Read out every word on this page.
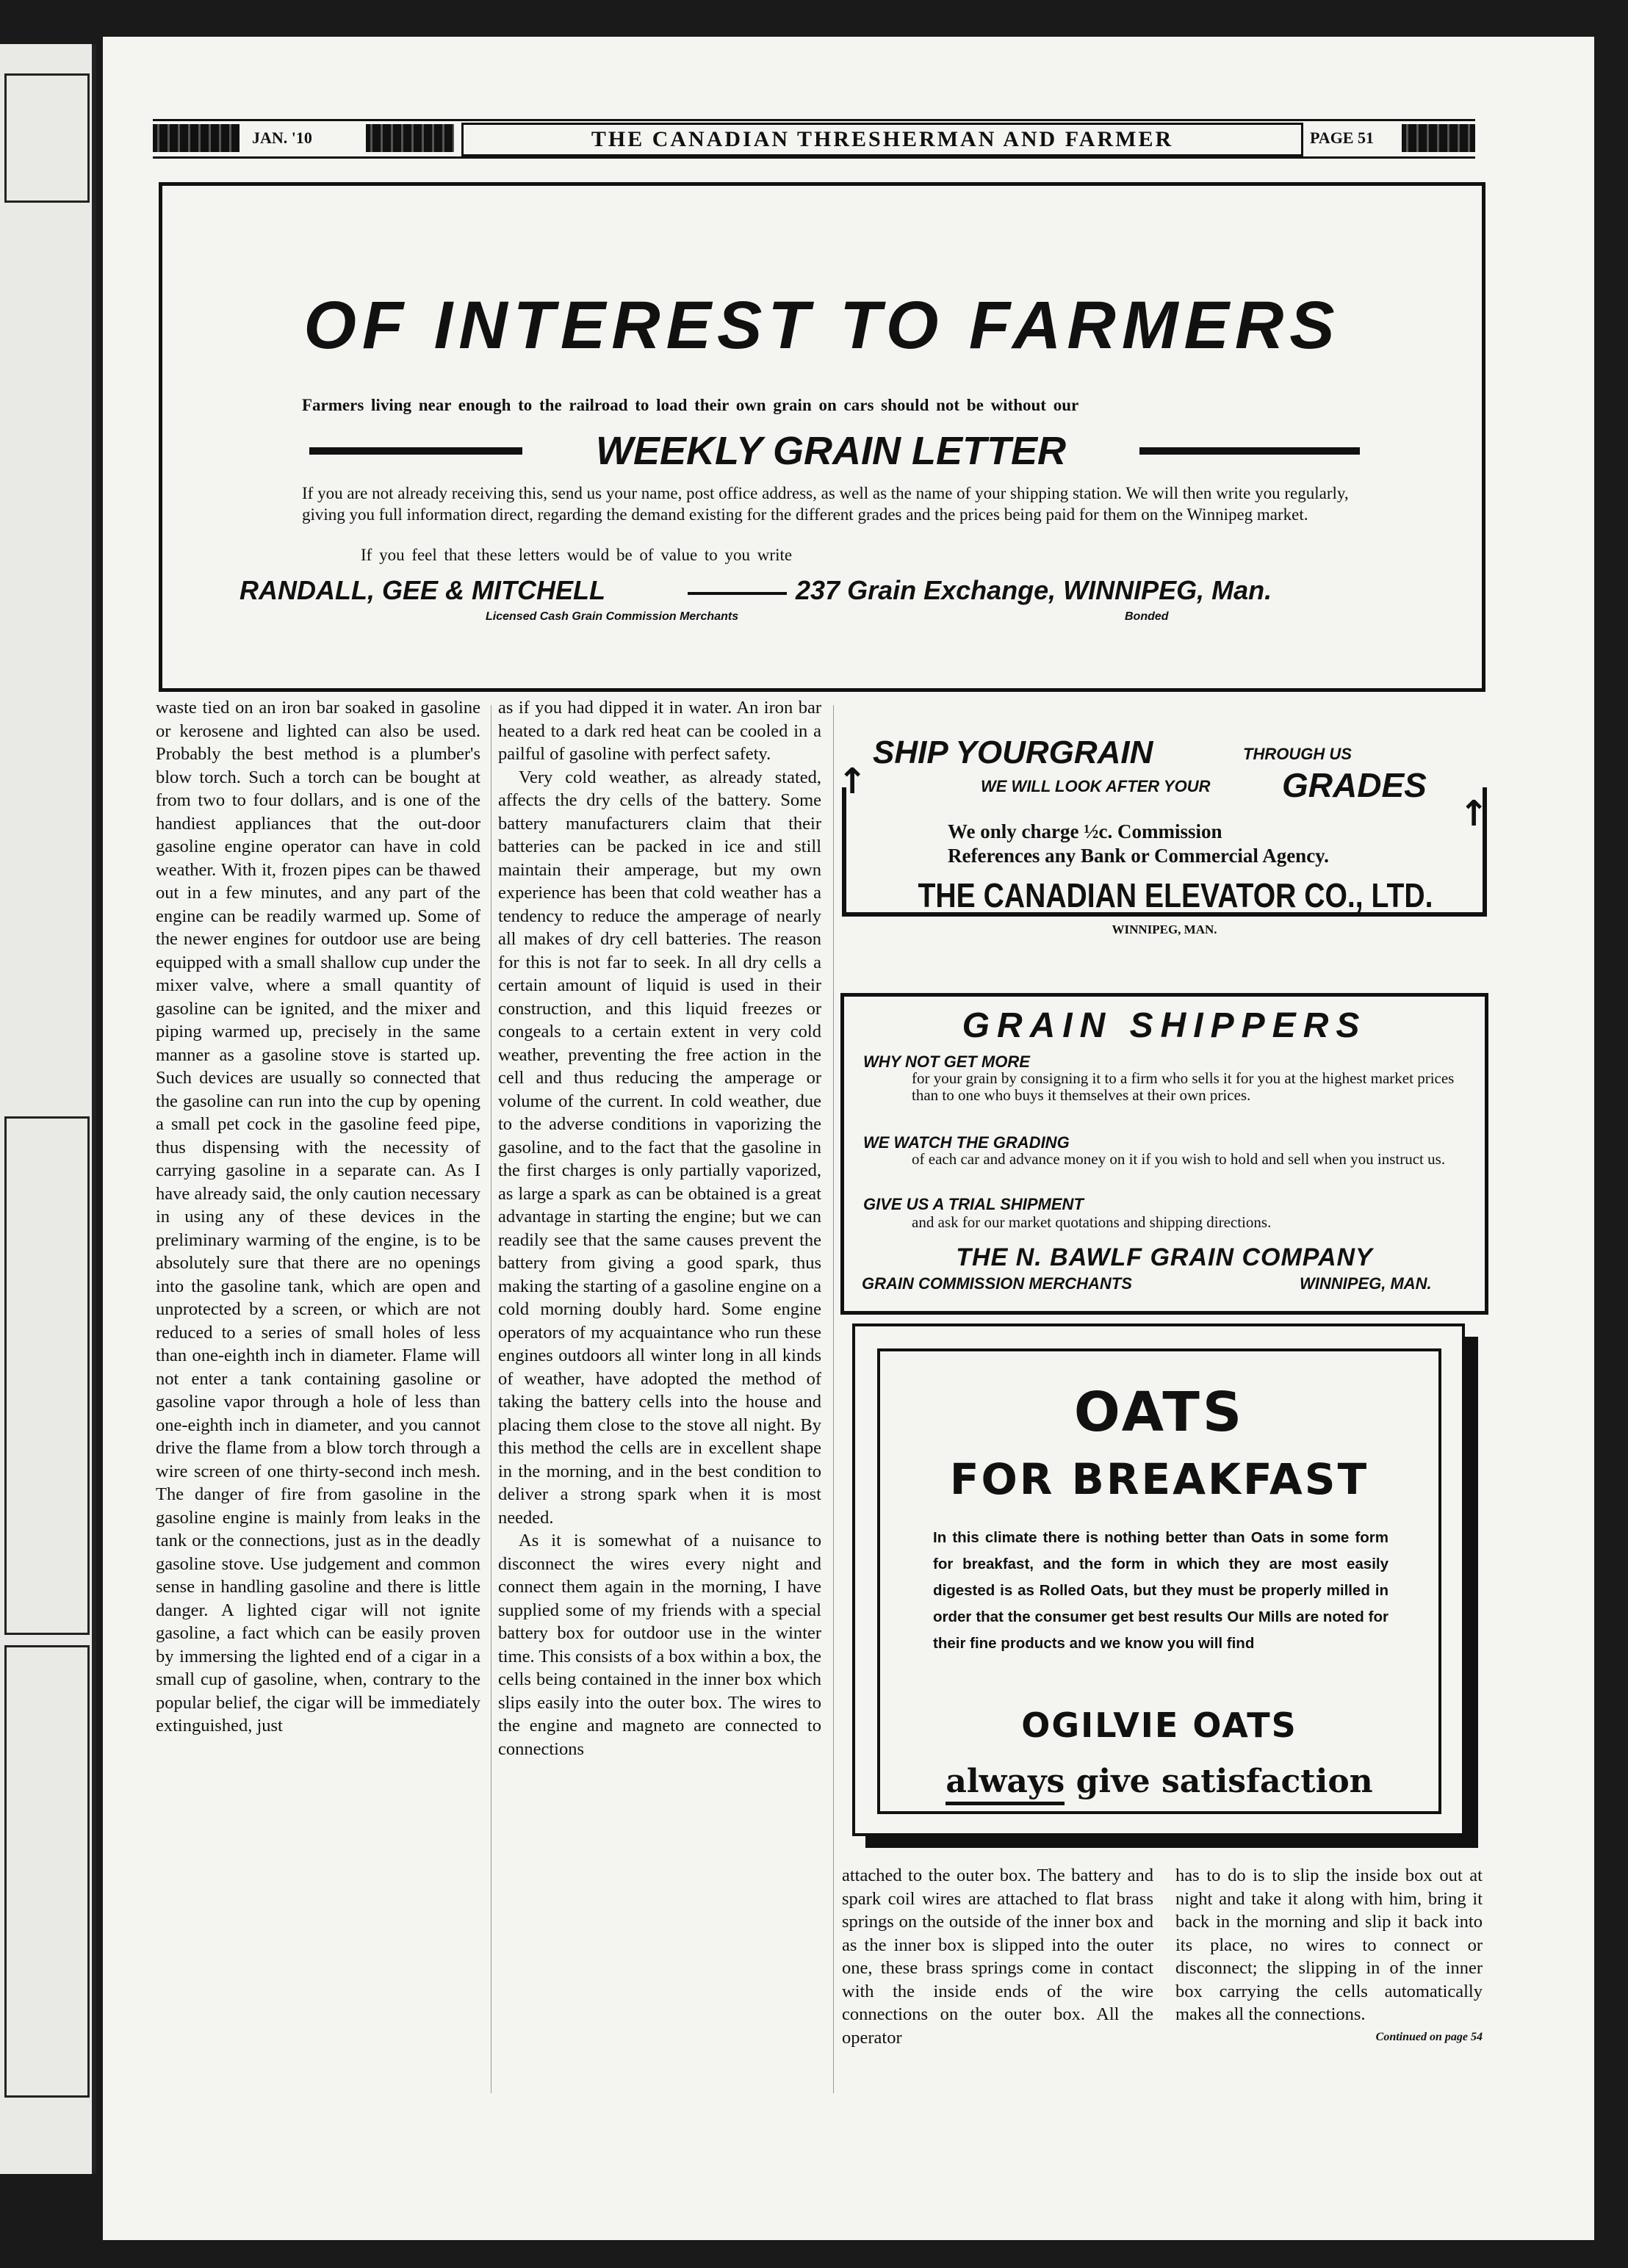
JAN. '10	THE CANADIAN THRESHERMAN AND FARMER	PAGE 51
OF INTEREST TO FARMERS
Farmers living near enough to the railroad to load their own grain on cars should not be without our
WEEKLY GRAIN LETTER
If you are not already receiving this, send us your name, post office address, as well as the name of your shipping station. We will then write you regularly, giving you full information direct, regarding the demand existing for the different grades and the prices being paid for them on the Winnipeg market.
If you feel that these letters would be of value to you write
RANDALL, GEE & MITCHELL	237 Grain Exchange, WINNIPEG, Man.
Licensed Cash Grain Commission Merchants	Bonded

waste tied on an iron bar soaked in gasoline or kerosene and lighted can also be used. Probably the best method is a plumber's blow torch. Such a torch can be bought at from two to four dollars, and is one of the handiest appliances that the out-door gasoline engine operator can have in cold weather. With it, frozen pipes can be thawed out in a few minutes, and any part of the engine can be readily warmed up. Some of the newer engines for outdoor use are being equipped with a small shallow cup under the mixer valve, where a small quantity of gasoline can be ignited, and the mixer and piping warmed up, precisely in the same manner as a gasoline stove is started up. Such devices are usually so connected that the gasoline can run into the cup by opening a small pet cock in the gasoline feed pipe, thus dispensing with the necessity of carrying gasoline in a separate can. As I have already said, the only caution necessary in using any of these devices in the preliminary warming of the engine, is to be absolutely sure that there are no openings into the gasoline tank, which are open and unprotected by a screen, or which are not reduced to a series of small holes of less than one-eighth inch in diameter. Flame will not enter a tank containing gasoline or gasoline vapor through a hole of less than one-eighth inch in diameter, and you cannot drive the flame from a blow torch through a wire screen of one thirty-second inch mesh. The danger of fire from gasoline in the gasoline engine is mainly from leaks in the tank or the connections, just as in the deadly gasoline stove. Use judgement and common sense in handling gasoline and there is little danger. A lighted cigar will not ignite gasoline, a fact which can be easily proven by immersing the lighted end of a cigar in a small cup of gasoline, when, contrary to the popular belief, the cigar will be immediately extinguished, just

as if you had dipped it in water. An iron bar heated to a dark red heat can be cooled in a pailful of gasoline with perfect safety.

Very cold weather, as already stated, affects the dry cells of the battery. Some battery manufacturers claim that their batteries can be packed in ice and still maintain their amperage, but my own experience has been that cold weather has a tendency to reduce the amperage of nearly all makes of dry cell batteries. The reason for this is not far to seek. In all dry cells a certain amount of liquid is used in their construction, and this liquid freezes or congeals to a certain extent in very cold weather, preventing the free action in the cell and thus reducing the amperage or volume of the current. In cold weather, due to the adverse conditions in vaporizing the gasoline, and to the fact that the gasoline in the first charges is only partially vaporized, as large a spark as can be obtained is a great advantage in starting the engine; but we can readily see that the same causes prevent the battery from giving a good spark, thus making the starting of a gasoline engine on a cold morning doubly hard. Some engine operators of my acquaintance who run these engines outdoors all winter long in all kinds of weather, have adopted the method of taking the battery cells into the house and placing them close to the stove all night. By this method the cells are in excellent shape in the morning, and in the best condition to deliver a strong spark when it is most needed.

As it is somewhat of a nuisance to disconnect the wires every night and connect them again in the morning, I have supplied some of my friends with a special battery box for outdoor use in the winter time. This consists of a box within a box, the cells being contained in the inner box which slips easily into the outer box. The wires to the engine and magneto are connected to connections

↑
↑
SHIP YOURGRAIN	THROUGH US
WE WILL LOOK AFTER YOUR GRADES
We only charge ½c. Commission
References any Bank or Commercial Agency.
THE CANADIAN ELEVATOR CO., LTD.
WINNIPEG, MAN.
GRAIN SHIPPERS
WHY NOT GET MORE
for your grain by consigning it to a firm who sells it for you at the highest market prices than to one who buys it themselves at their own prices.
WE WATCH THE GRADING
of each car and advance money on it if you wish to hold and sell when you instruct us.
GIVE US A TRIAL SHIPMENT
and ask for our market quotations and shipping directions.
THE N. BAWLF GRAIN COMPANY
GRAIN COMMISSION MERCHANTS	WINNIPEG, MAN.
OATS
FOR BREAKFAST
In this climate there is nothing better than Oats in some form for breakfast, and the form in which they are most easily digested is as Rolled Oats, but they must be properly milled in order that the consumer get best results Our Mills are noted for their fine products and we know you will find
OGILVIE OATS
always give satisfaction

attached to the outer box. The battery and spark coil wires are attached to flat brass springs on the outside of the inner box and as the inner box is slipped into the outer one, these brass springs come in contact with the inside ends of the wire connections on the outer box. All the operator

has to do is to slip the inside box out at night and take it along with him, bring it back in the morning and slip it back into its place, no wires to connect or disconnect; the slipping in of the inner box carrying the cells automatically makes all the connections.

Continued on page 54
